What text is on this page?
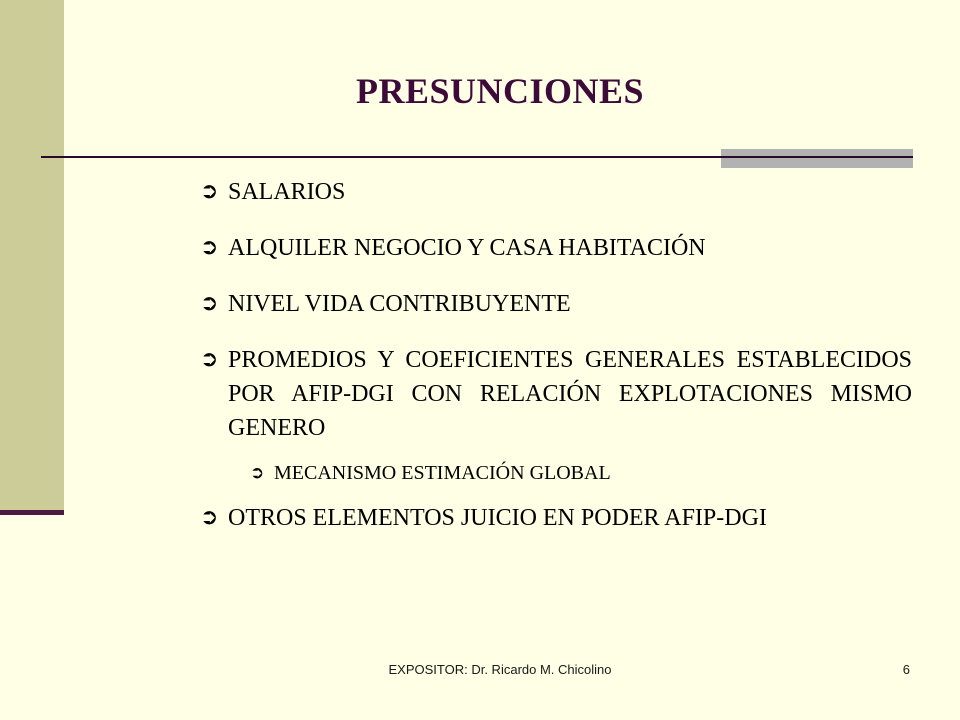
PRESUNCIONES
➲ SALARIOS
➲ ALQUILER NEGOCIO Y CASA HABITACIÓN
➲ NIVEL VIDA CONTRIBUYENTE
➲ PROMEDIOS Y COEFICIENTES GENERALES ESTABLECIDOS POR AFIP-DGI CON RELACIÓN EXPLOTACIONES MISMO GENERO
➲ MECANISMO ESTIMACIÓN GLOBAL
➲ OTROS ELEMENTOS JUICIO EN PODER AFIP-DGI
EXPOSITOR: Dr. Ricardo M. Chicolino	6
